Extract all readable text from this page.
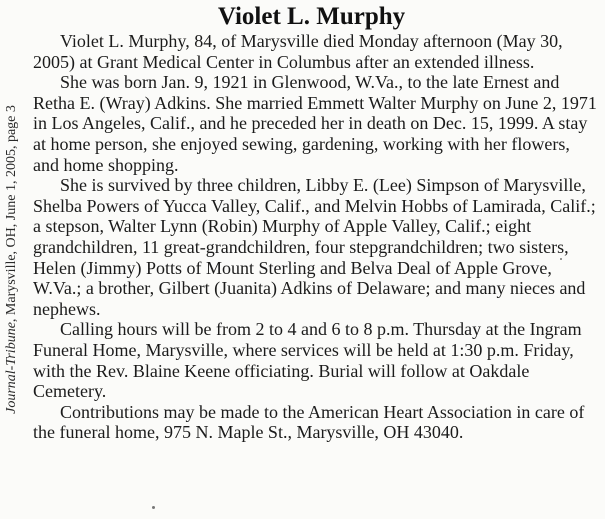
Journal-Tribune, Marysville, OH, June 1, 2005, page 3
Violet L. Murphy

Violet L. Murphy, 84, of Marysville died Monday afternoon (May 30, 2005) at Grant Medical Center in Columbus after an extended illness.

She was born Jan. 9, 1921 in Glenwood, W.Va., to the late Ernest and Retha E. (Wray) Adkins. She married Emmett Walter Murphy on June 2, 1971 in Los Angeles, Calif., and he preceded her in death on Dec. 15, 1999. A stay at home person, she enjoyed sewing, gardening, working with her flowers, and home shopping.

She is survived by three children, Libby E. (Lee) Simpson of Marysville, Shelba Powers of Yucca Valley, Calif., and Melvin Hobbs of Lamirada, Calif.; a stepson, Walter Lynn (Robin) Murphy of Apple Valley, Calif.; eight grandchildren, 11 great-grandchildren, four stepgrandchildren; two sisters, Helen (Jimmy) Potts of Mount Sterling and Belva Deal of Apple Grove, W.Va.; a brother, Gilbert (Juanita) Adkins of Delaware; and many nieces and nephews.

Calling hours will be from 2 to 4 and 6 to 8 p.m. Thursday at the Ingram Funeral Home, Marysville, where services will be held at 1:30 p.m. Friday, with the Rev. Blaine Keene officiating. Burial will follow at Oakdale Cemetery.

Contributions may be made to the American Heart Association in care of the funeral home, 975 N. Maple St., Marysville, OH 43040.
